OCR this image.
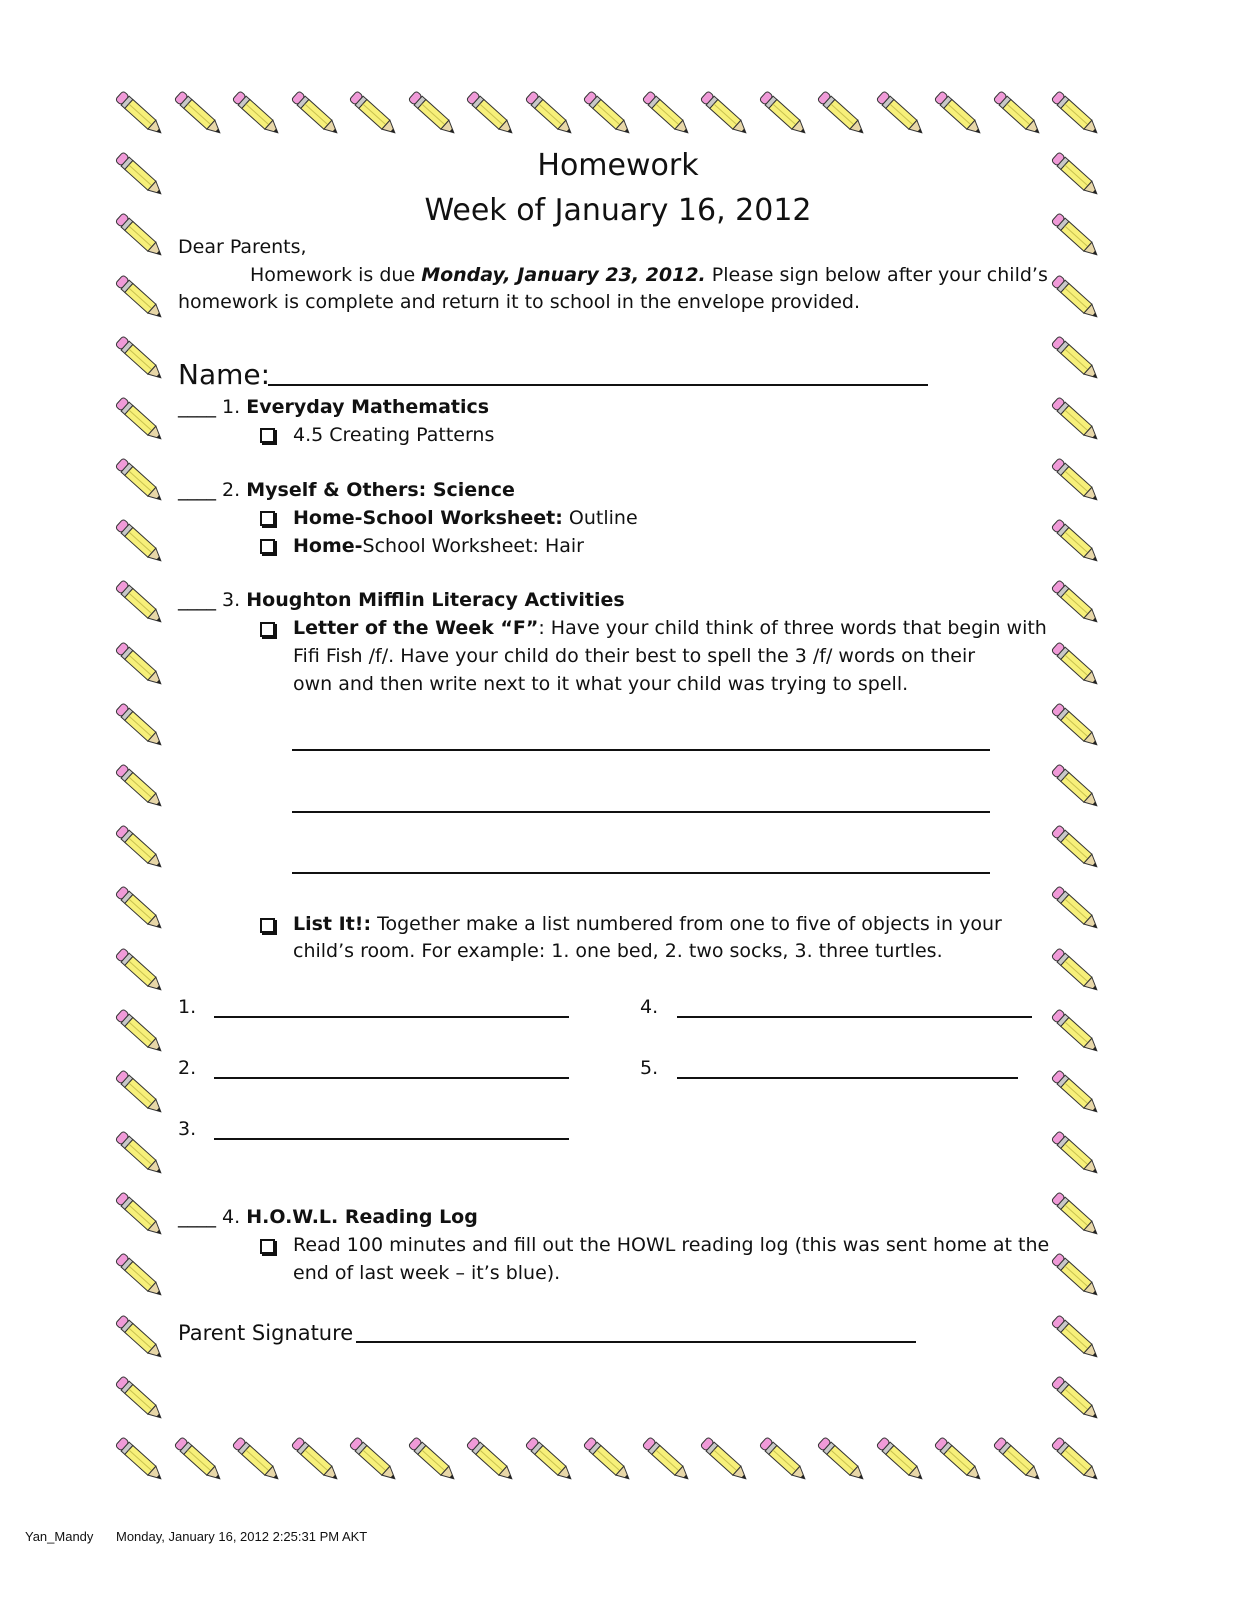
Homework
Week of January 16, 2012
Dear Parents,
Homework is due Monday, January 23, 2012. Please sign below after your child’s
homework is complete and return it to school in the envelope provided.
Name:
____ 1. Everyday Mathematics
4.5 Creating Patterns
____ 2. Myself & Others: Science
Home-School Worksheet: Outline
Home-School Worksheet: Hair
____ 3. Houghton Mifflin Literacy Activities
Letter of the Week “F”: Have your child think of three words that begin with
Fifi Fish /f/. Have your child do their best to spell the 3 /f/ words on their
own and then write next to it what your child was trying to spell.
List It!: Together make a list numbered from one to five of objects in your
child’s room. For example: 1. one bed, 2. two socks, 3. three turtles.
1.
2.
3.
4.
5.
____ 4. H.O.W.L. Reading Log
Read 100 minutes and fill out the HOWL reading log (this was sent home at the
end of last week – it’s blue).
Parent Signature
Yan_Mandy Monday, January 16, 2012 2:25:31 PM AKT
